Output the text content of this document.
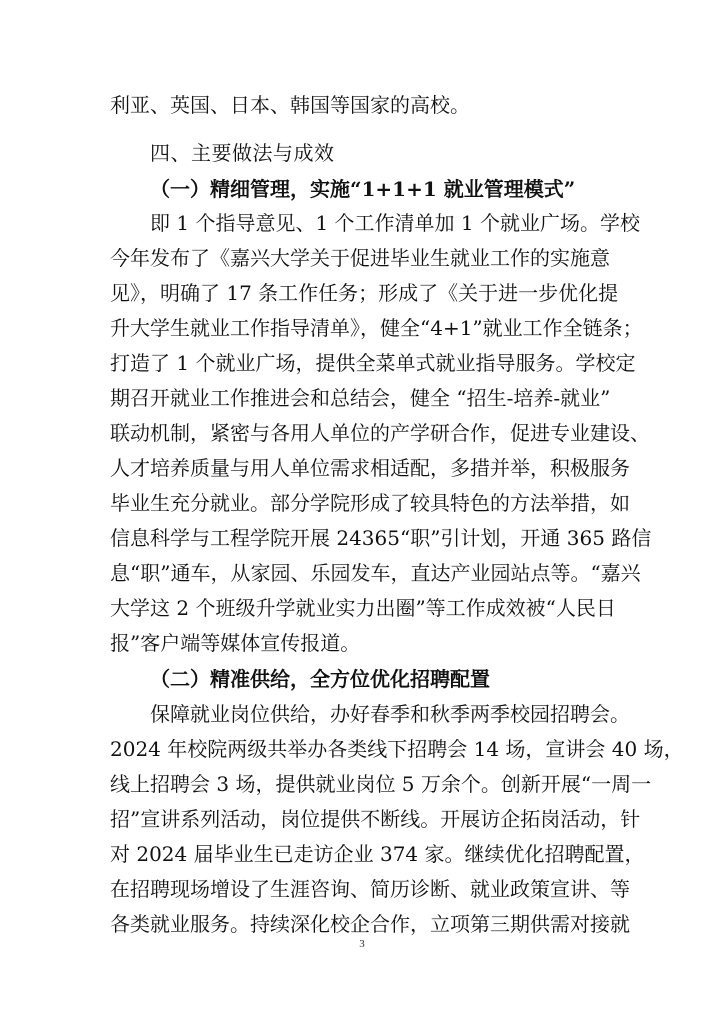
利亚、英国、日本、韩国等国家的高校。
四、主要做法与成效
（一）精细管理，实施“1+1+1 就业管理模式”
即 1 个指导意见、1 个工作清单加 1 个就业广场。学校
今年发布了《嘉兴大学关于促进毕业生就业工作的实施意
见》，明确了 17 条工作任务；形成了《关于进一步优化提
升大学生就业工作指导清单》，健全“4+1”就业工作全链条；
打造了 1 个就业广场，提供全菜单式就业指导服务。学校定
期召开就业工作推进会和总结会，健全 “招生-培养-就业”
联动机制，紧密与各用人单位的产学研合作，促进专业建设、
人才培养质量与用人单位需求相适配，多措并举，积极服务
毕业生充分就业。部分学院形成了较具特色的方法举措，如
信息科学与工程学院开展 24365“职”引计划，开通 365 路信
息“职”通车，从家园、乐园发车，直达产业园站点等。“嘉兴
大学这 2 个班级升学就业实力出圈”等工作成效被“人民日
报”客户端等媒体宣传报道。
（二）精准供给，全方位优化招聘配置
保障就业岗位供给，办好春季和秋季两季校园招聘会。
2024 年校院两级共举办各类线下招聘会 14 场，宣讲会 40 场，
线上招聘会 3 场，提供就业岗位 5 万余个。创新开展“一周一
招”宣讲系列活动，岗位提供不断线。开展访企拓岗活动，针
对 2024 届毕业生已走访企业 374 家。继续优化招聘配置，
在招聘现场增设了生涯咨询、简历诊断、就业政策宣讲、等
各类就业服务。持续深化校企合作，立项第三期供需对接就
3
